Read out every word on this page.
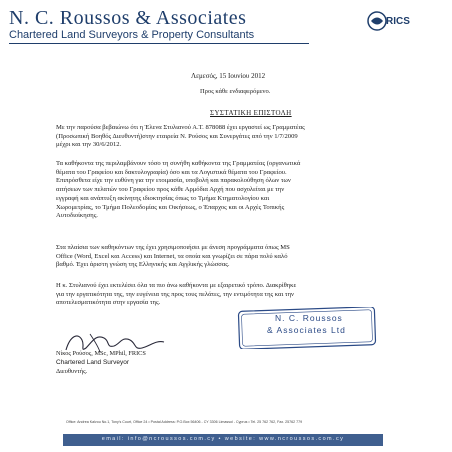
N. C. Roussos & Associates
Chartered Land Surveyors & Property Consultants
RICS
Λεμεσός, 15 Ιουνίου 2012
Προς κάθε ενδιαφερόμενο.
ΣΥΣΤΑΤΙΚΗ ΕΠΙΣΤΟΛΗ
Με την παρούσα βεβαιώνω ότι η Έλενα Στυλιανού Α.Τ. 878088 έχει εργαστεί ως Γραμματέας
(Προσωπική Βοηθός Διευθυντή)στην εταιρεία Ν. Ρούσος και Συνεργάτες από την 1/7/2009
μέχρι και την 30/6/2012.
Τα καθήκοντα της περιλαμβάνουν τόσο τη συνήθη καθήκοντα της Γραμματέας (οργανωτικά
θέματα του Γραφείου και δακτυλογραφία) όσο και τα Λογιστικά θέματα του Γραφείου.
Επιπρόσθετα είχε την ευθύνη για την ετοιμασία, υποβολή και παρακολούθηση όλων των
αιτήσεων των πελατών του Γραφείου προς κάθε Αρμόδια Αρχή που ασχολείται με την
εγγραφή και ανάπτυξη ακίνητης ιδιοκτησίας όπως το Τμήμα Κτηματολογίου και
Χωρομετρίας, το Τμήμα Πολεοδομίας και Οικήσεως, ο Έπαρχος και οι Αρχές Τοπικής
Αυτοδιοίκησης.
Στα πλαίσια των καθηκόντων της έχει χρησιμοποιήσει με άνεση προγράμματα όπως MS
Office (Word, Excel και Access) και Internet, τα οποία και γνωρίζει σε πάρα πολύ καλό
βαθμό. Έχει άριστη γνώση της Ελληνικής και Αγγλικής γλώσσας.
Η κ. Στυλιανού έχει εκτελέσει όλα τα πιο άνω καθήκοντα με εξαιρετικό τρόπο. Διακρίθηκε
για την εργατικότητα της, την ευγένεια της προς τους πελάτες, την εντιμότητα της και την
αποτελεσματικότητα στην εργασία της.
Νίκος Ρούσος, MSc, MPhil, FRICS
Chartered Land Surveyor
Διευθυντής.
N. C. Roussos
& Associates Ltd
Office: Andrea Kalvou No.1, Tony's Court, Office 24 • Postal Address: P.O.Box 56406 - CY 3306 Limassol - Cyprus • Tel. 25 762 762, Fax. 25762 779
email: info@ncroussos.com.cy • website: www.ncroussos.com.cy
